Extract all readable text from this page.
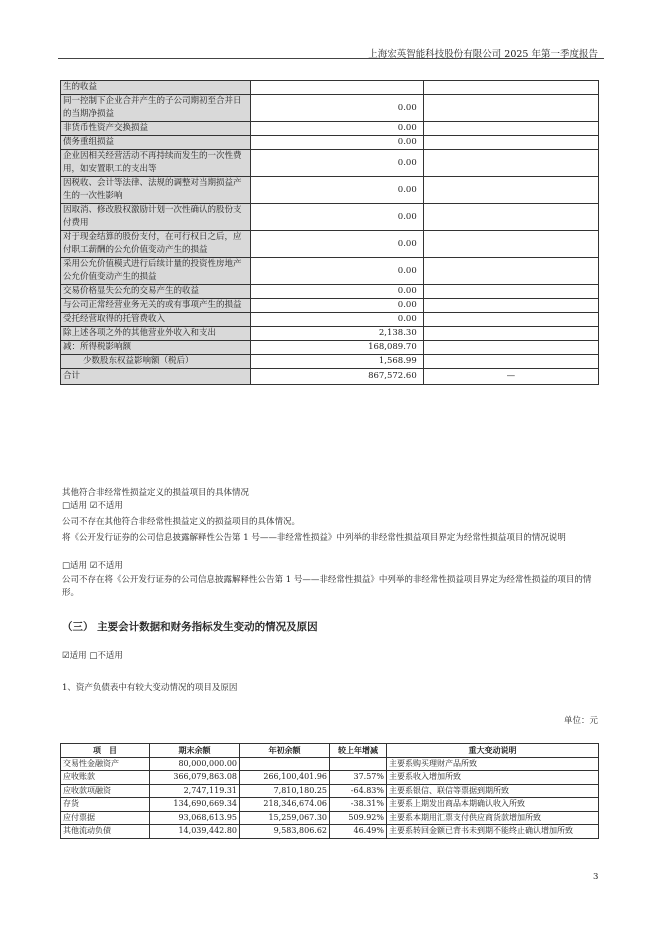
上海宏英智能科技股份有限公司 2025 年第一季度报告
生的收益		
同一控制下企业合并产生的子公司期初至合并日的当期净损益	0.00	
非货币性资产交换损益	0.00	
债务重组损益	0.00	
企业因相关经营活动不再持续而发生的一次性费用，如安置职工的支出等	0.00	
因税收、会计等法律、法规的调整对当期损益产生的一次性影响	0.00	
因取消、修改股权激励计划一次性确认的股份支付费用	0.00	
对于现金结算的股份支付，在可行权日之后，应付职工薪酬的公允价值变动产生的损益	0.00	
采用公允价值模式进行后续计量的投资性房地产公允价值变动产生的损益	0.00	
交易价格显失公允的交易产生的收益	0.00	
与公司正常经营业务无关的或有事项产生的损益	0.00	
受托经营取得的托管费收入	0.00	
除上述各项之外的其他营业外收入和支出	2,138.30	
减：所得税影响额	168,089.70	
少数股东权益影响额（税后）	1,568.99	
合计	867,572.60	—
其他符合非经常性损益定义的损益项目的具体情况
□适用 ☑不适用
公司不存在其他符合非经常性损益定义的损益项目的具体情况。
将《公开发行证券的公司信息披露解释性公告第 1 号——非经常性损益》中列举的非经常性损益项目界定为经常性损益项目的情况说明
□适用 ☑不适用
公司不存在将《公开发行证券的公司信息披露解释性公告第 1 号——非经常性损益》中列举的非经常性损益项目界定为经常性损益的项目的情形。
（三） 主要会计数据和财务指标发生变动的情况及原因
☑适用 □不适用
1、资产负债表中有较大变动情况的项目及原因
单位：元
项　目	期末余额	年初余额	较上年增减	重大变动说明
交易性金融资产	80,000,000.00			主要系购买理财产品所致
应收账款	366,079,863.08	266,100,401.96	37.57%	主要系收入增加所致
应收款项融资	2,747,119.31	7,810,180.25	-64.83%	主要系银信、联信等票据到期所致
存货	134,690,669.34	218,346,674.06	-38.31%	主要系上期发出商品本期确认收入所致
应付票据	93,068,613.95	15,259,067.30	509.92%	主要系本期用汇票支付供应商货款增加所致
其他流动负债	14,039,442.80	9,583,806.62	46.49%	主要系转回金额已背书未到期不能终止确认增加所致
3
